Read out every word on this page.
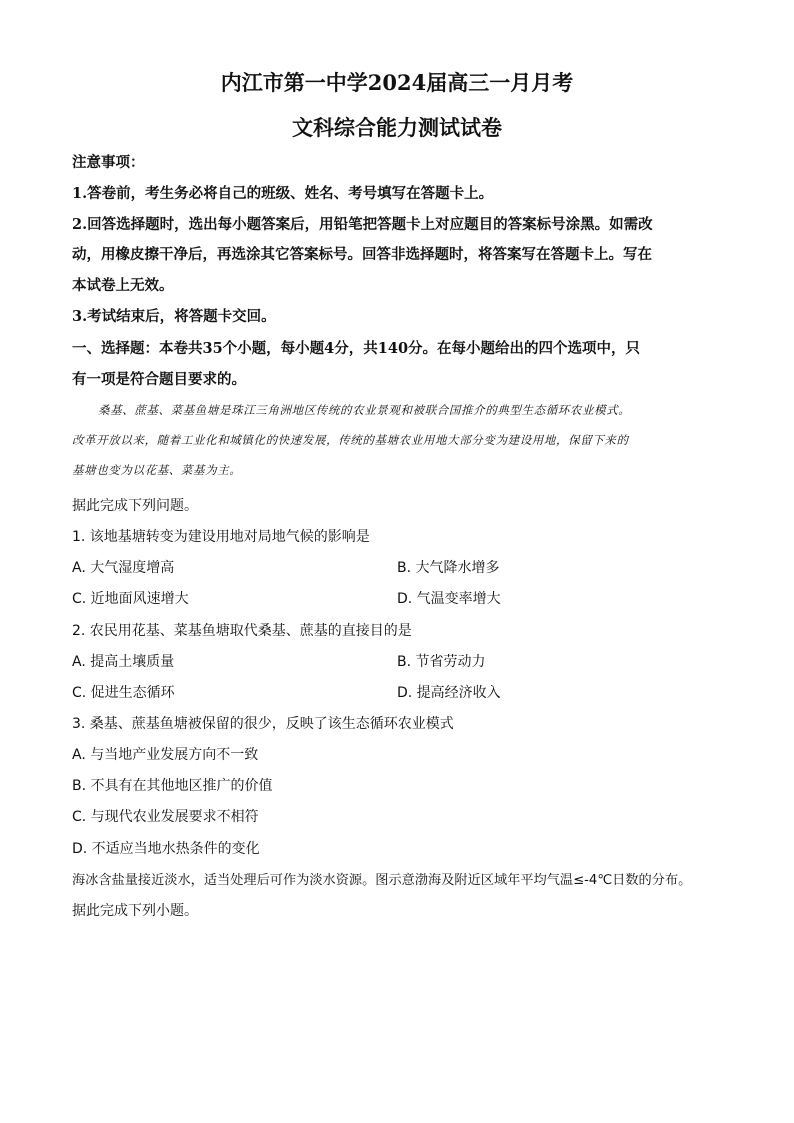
内江市第一中学2024届高三一月月考
文科综合能力测试试卷
注意事项：
1.答卷前，考生务必将自己的班级、姓名、考号填写在答题卡上。
2.回答选择题时，选出每小题答案后，用铅笔把答题卡上对应题目的答案标号涂黑。如需改
动，用橡皮擦干净后，再选涂其它答案标号。回答非选择题时，将答案写在答题卡上。写在
本试卷上无效。
3.考试结束后，将答题卡交回。
一、选择题：本卷共35个小题，每小题4分，共140分。在每小题给出的四个选项中，只
有一项是符合题目要求的。
桑基、蔗基、菜基鱼塘是珠江三角洲地区传统的农业景观和被联合国推介的典型生态循环农业模式。
改革开放以来，随着工业化和城镇化的快速发展，传统的基塘农业用地大部分变为建设用地，保留下来的
基塘也变为以花基、菜基为主。
据此完成下列问题。
1. 该地基塘转变为建设用地对局地气候的影响是
A. 大气湿度增高	B. 大气降水增多
C. 近地面风速增大	D. 气温变率增大
2. 农民用花基、菜基鱼塘取代桑基、蔗基的直接目的是
A. 提高土壤质量	B. 节省劳动力
C. 促进生态循环	D. 提高经济收入
3. 桑基、蔗基鱼塘被保留的很少，反映了该生态循环农业模式
A. 与当地产业发展方向不一致
B. 不具有在其他地区推广的价值
C. 与现代农业发展要求不相符
D. 不适应当地水热条件的变化
海冰含盐量接近淡水，适当处理后可作为淡水资源。图示意渤海及附近区域年平均气温≤-4℃日数的分布。
据此完成下列小题。
